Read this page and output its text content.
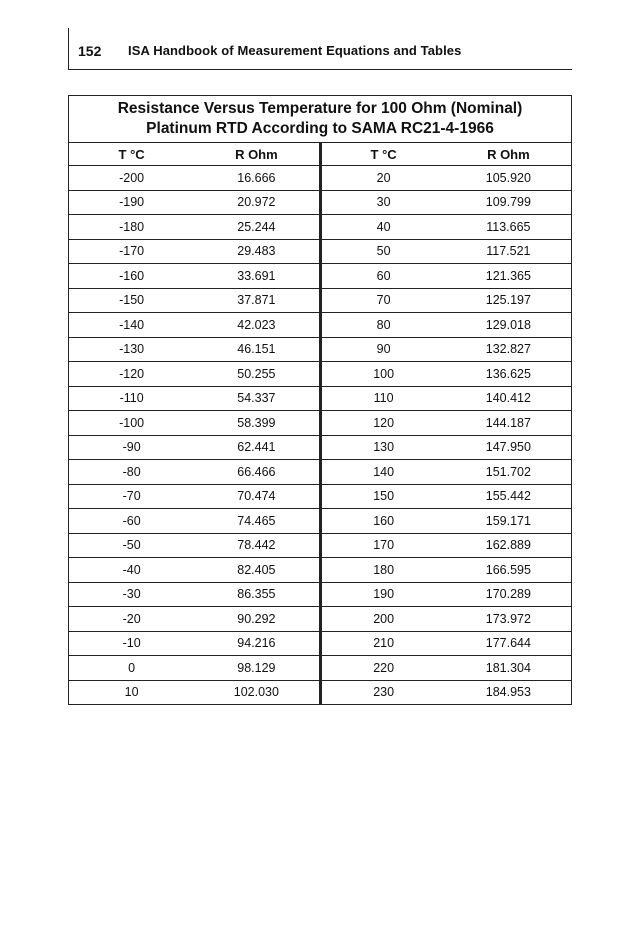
152 ISA Handbook of Measurement Equations and Tables
Resistance Versus Temperature for 100 Ohm (Nominal)
Platinum RTD According to SAMA RC21-4-1966			

T °C	R Ohm	T °C	R Ohm
-200	16.666	20	105.920
-190	20.972	30	109.799
-180	25.244	40	113.665
-170	29.483	50	117.521
-160	33.691	60	121.365
-150	37.871	70	125.197
-140	42.023	80	129.018
-130	46.151	90	132.827
-120	50.255	100	136.625
-110	54.337	110	140.412
-100	58.399	120	144.187
-90	62.441	130	147.950
-80	66.466	140	151.702
-70	70.474	150	155.442
-60	74.465	160	159.171
-50	78.442	170	162.889
-40	82.405	180	166.595
-30	86.355	190	170.289
-20	90.292	200	173.972
-10	94.216	210	177.644
0	98.129	220	181.304
10	102.030	230	184.953
